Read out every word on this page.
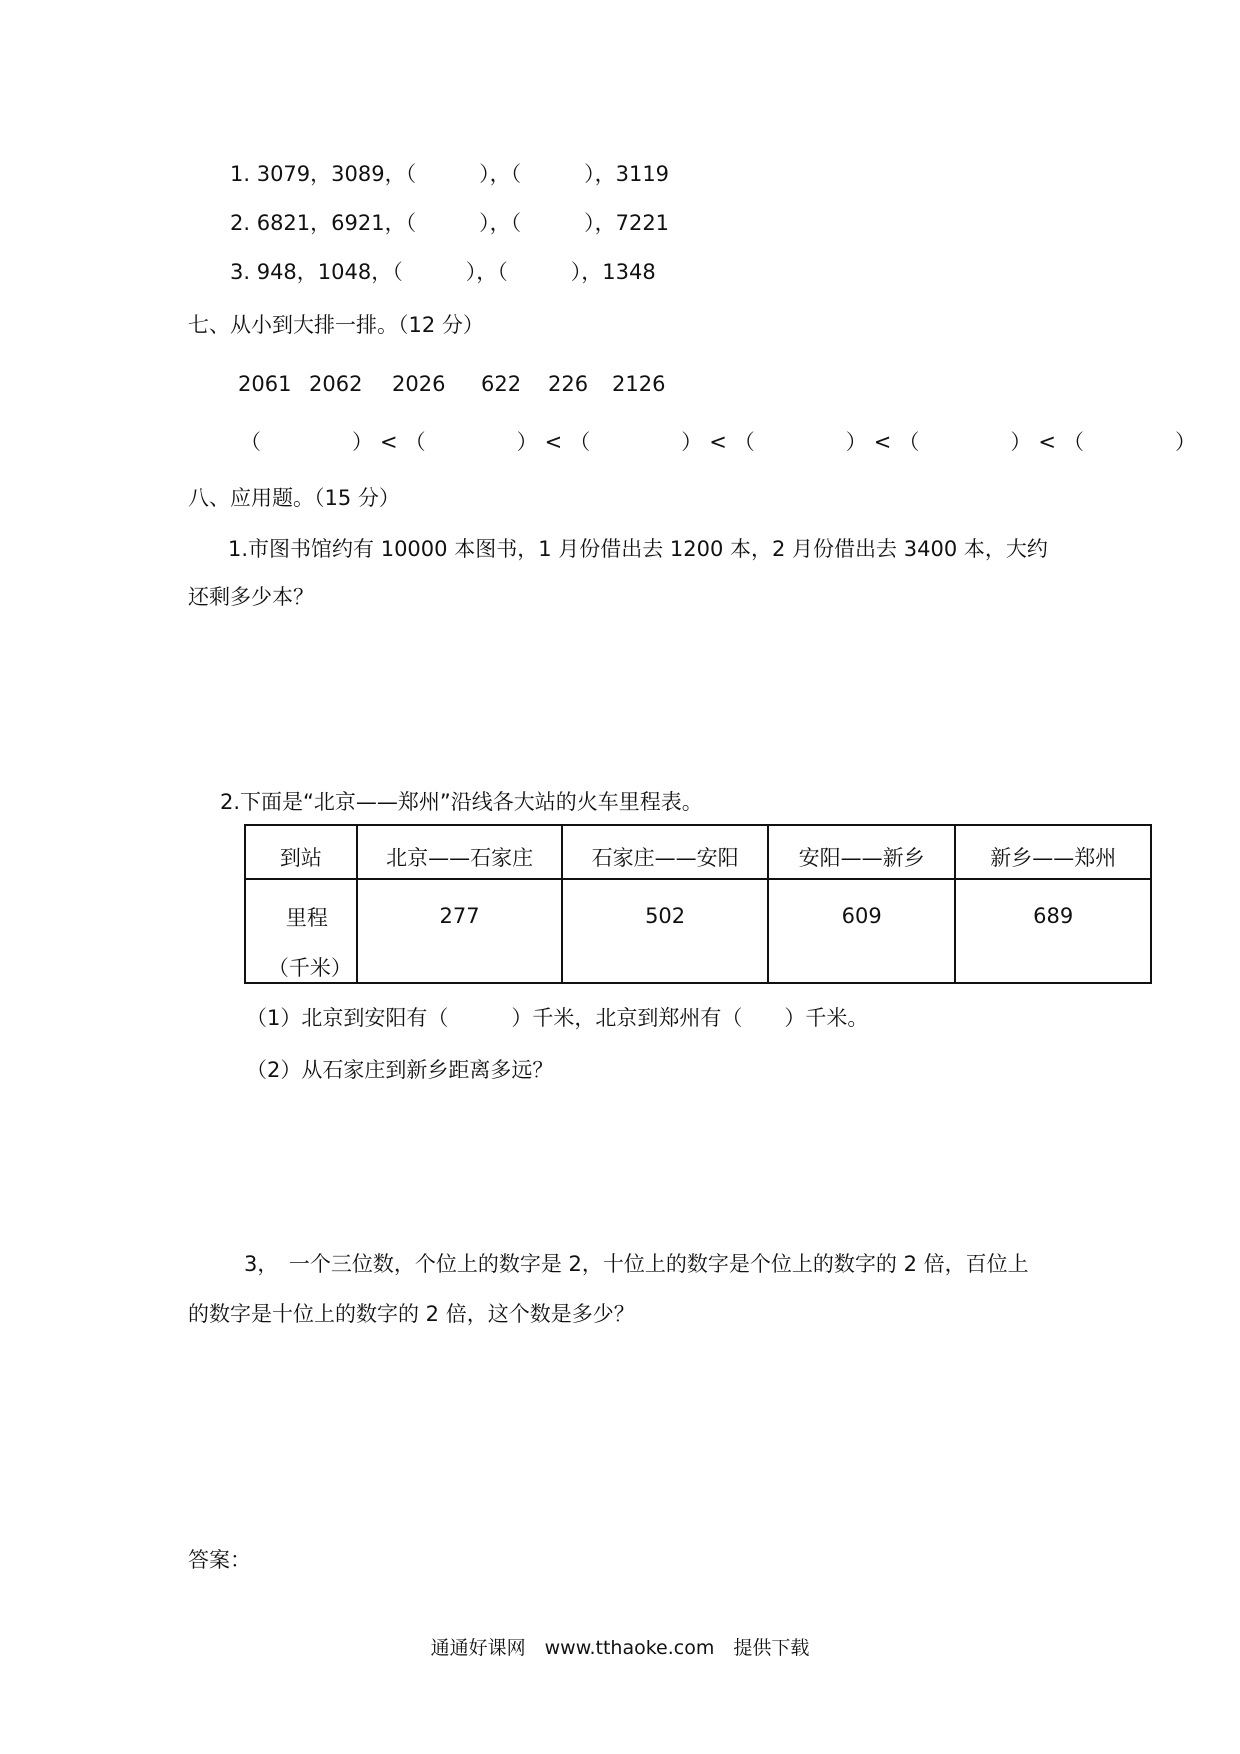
1. 3079，3089，（　　　），（　　　），3119
2. 6821，6921，（　　　），（　　　），7221
3. 948，1048，（　　　），（　　　），1348
七、从小到大排一排。（12 分）

2061

2062

2026

622

226

2126

（　　　）<（　　　）<（　　　）<（　　　）<（　　　）<（　　　）
八、应用题。（15 分）
1.市图书馆约有 10000 本图书，1 月份借出去 1200 本，2 月份借出去 3400 本，大约
还剩多少本？
2.下面是“北京——郑州”沿线各大站的火车里程表。
到站	北京——石家庄	石家庄——安阳	安阳——新乡	新乡——郑州

里程
（千米）	277	502	609	689
（1）北京到安阳有（　　　）千米，北京到郑州有（　　）千米。
（2）从石家庄到新乡距离多远？
3，　一个三位数，个位上的数字是 2，十位上的数字是个位上的数字的 2 倍，百位上
的数字是十位上的数字的 2 倍，这个数是多少？
答案：
通通好课网　www.tthaoke.com　提供下载
